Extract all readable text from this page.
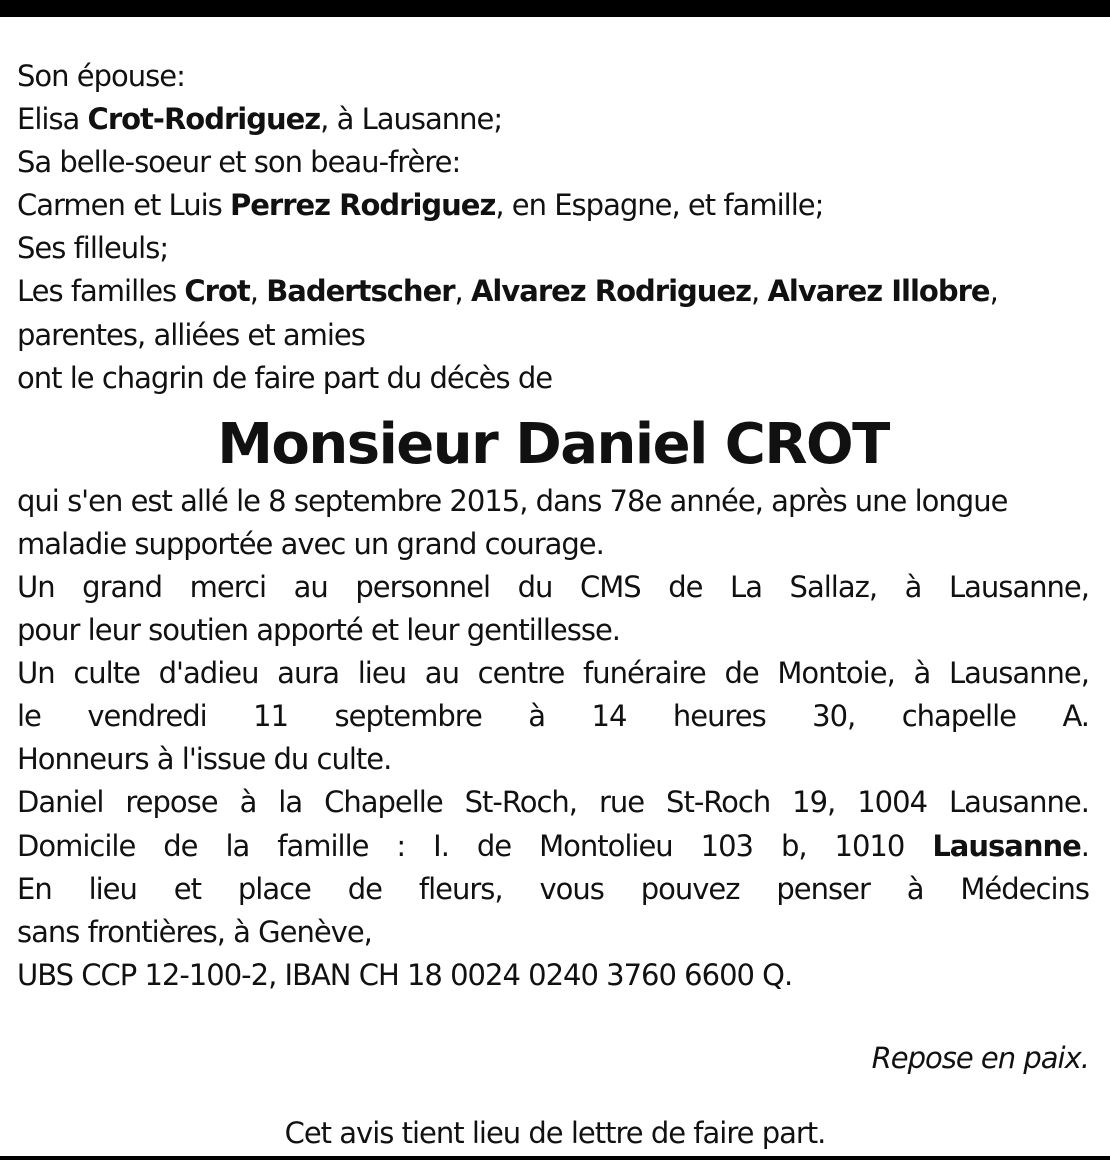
Son épouse:
Elisa Crot-Rodriguez, à Lausanne;
Sa belle-soeur et son beau-frère:
Carmen et Luis Perrez Rodriguez, en Espagne, et famille;
Ses filleuls;
Les familles Crot, Badertscher, Alvarez Rodriguez, Alvarez Illobre,
parentes, alliées et amies
ont le chagrin de faire part du décès de
Monsieur Daniel CROT
qui s'en est allé le 8 septembre 2015, dans 78e année, après une longue
maladie supportée avec un grand courage.
Un grand merci au personnel du CMS de La Sallaz, à Lausanne,
pour leur soutien apporté et leur gentillesse.
Un culte d'adieu aura lieu au centre funéraire de Montoie, à Lausanne,
le vendredi 11 septembre à 14 heures 30, chapelle A.
Honneurs à l'issue du culte.
Daniel repose à la Chapelle St-Roch, rue St-Roch 19, 1004 Lausanne.
Domicile de la famille : I. de Montolieu 103 b, 1010 Lausanne.
En lieu et place de fleurs, vous pouvez penser à Médecins
sans frontières, à Genève,
UBS CCP 12-100-2, IBAN CH 18 0024 0240 3760 6600 Q.
Repose en paix.
Cet avis tient lieu de lettre de faire part.
